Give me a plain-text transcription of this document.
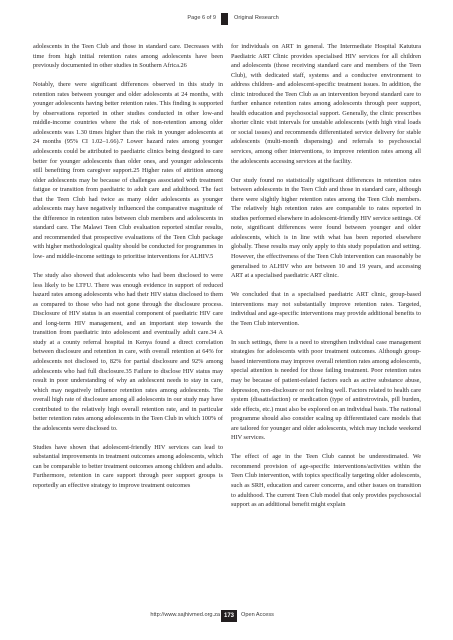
Page 6 of 9	Original Research

adolescents in the Teen Club and those in standard care. Decreases with time from high initial retention rates among adolescents have been previously documented in other studies in Southern Africa.26

Notably, there were significant differences observed in this study in retention rates between younger and older adolescents at 24 months, with younger adolescents having better retention rates. This finding is supported by observations reported in other studies conducted in other low-and middle-income countries where the risk of non-retention among older adolescents was 1.30 times higher than the risk in younger adolescents at 24 months (95% CI 1.02–1.66).7 Lower hazard rates among younger adolescents could be attributed to paediatric clinics being designed to care better for younger adolescents than older ones, and younger adolescents still benefiting from caregiver support.25 Higher rates of attrition among older adolescents may be because of challenges associated with treatment fatigue or transition from paediatric to adult care and adulthood. The fact that the Teen Club had twice as many older adolescents as younger adolescents may have negatively influenced the comparative magnitude of the difference in retention rates between club members and adolescents in standard care. The Malawi Teen Club evaluation reported similar results, and recommended that prospective evaluations of the Teen Club package with higher methodological quality should be conducted for programmes in low- and middle-income settings to prioritise interventions for ALHIV.5

The study also showed that adolescents who had been disclosed to were less likely to be LTFU. There was enough evidence in support of reduced hazard rates among adolescents who had their HIV status disclosed to them as compared to those who had not gone through the disclosure process. Disclosure of HIV status is an essential component of paediatric HIV care and long-term HIV management, and an important step towards the transition from paediatric into adolescent and eventually adult care.34 A study at a county referral hospital in Kenya found a direct correlation between disclosure and retention in care, with overall retention at 64% for adolescents not disclosed to, 82% for partial disclosure and 92% among adolescents who had full disclosure.35 Failure to disclose HIV status may result in poor understanding of why an adolescent needs to stay in care, which may negatively influence retention rates among adolescents. The overall high rate of disclosure among all adolescents in our study may have contributed to the relatively high overall retention rate, and in particular better retention rates among adolescents in the Teen Club in which 100% of the adolescents were disclosed to.

Studies have shown that adolescent-friendly HIV services can lead to substantial improvements in treatment outcomes among adolescents, which can be comparable to better treatment outcomes among children and adults. Furthermore, retention in care support through peer support groups is reportedly an effective strategy to improve treatment outcomes

for individuals on ART in general. The Intermediate Hospital Katutura Paediatric ART Clinic provides specialised HIV services for all children and adolescents (those receiving standard care and members of the Teen Club), with dedicated staff, systems and a conducive environment to address children- and adolescent-specific treatment issues. In addition, the clinic introduced the Teen Club as an intervention beyond standard care to further enhance retention rates among adolescents through peer support, health education and psychosocial support. Generally, the clinic prescribes shorter clinic visit intervals for unstable adolescents (with high viral loads or social issues) and recommends differentiated service delivery for stable adolescents (multi-month dispensing) and referrals to psychosocial services, among other interventions, to improve retention rates among all the adolescents accessing services at the facility.

Our study found no statistically significant differences in retention rates between adolescents in the Teen Club and those in standard care, although there were slightly higher retention rates among the Teen Club members. The relatively high retention rates are comparable to rates reported in studies performed elsewhere in adolescent-friendly HIV service settings. Of note, significant differences were found between younger and older adolescents, which is in line with what has been reported elsewhere globally. These results may only apply to this study population and setting. However, the effectiveness of the Teen Club intervention can reasonably be generalised to ALHIV who are between 10 and 19 years, and accessing ART at a specialised paediatric ART clinic.

We concluded that in a specialised paediatric ART clinic, group-based interventions may not substantially improve retention rates. Targeted, individual and age-specific interventions may provide additional benefits to the Teen Club intervention.

In such settings, there is a need to strengthen individual case management strategies for adolescents with poor treatment outcomes. Although group-based interventions may improve overall retention rates among adolescents, special attention is needed for those failing treatment. Poor retention rates may be because of patient-related factors such as active substance abuse, depression, non-disclosure or not feeling well. Factors related to health care system (dissatisfaction) or medication (type of antiretrovirals, pill burden, side effects, etc.) must also be explored on an individual basis. The national programme should also consider scaling up differentiated care models that are tailored for younger and older adolescents, which may include weekend HIV services.

The effect of age in the Teen Club cannot be underestimated. We recommend provision of age-specific interventions/activities within the Teen Club intervention, with topics specifically targeting older adolescents, such as SRH, education and career concerns, and other issues on transition to adulthood. The current Teen Club model that only provides psychosocial support as an additional benefit might explain

http://www.sajhivmed.org.za 173	Open Access
